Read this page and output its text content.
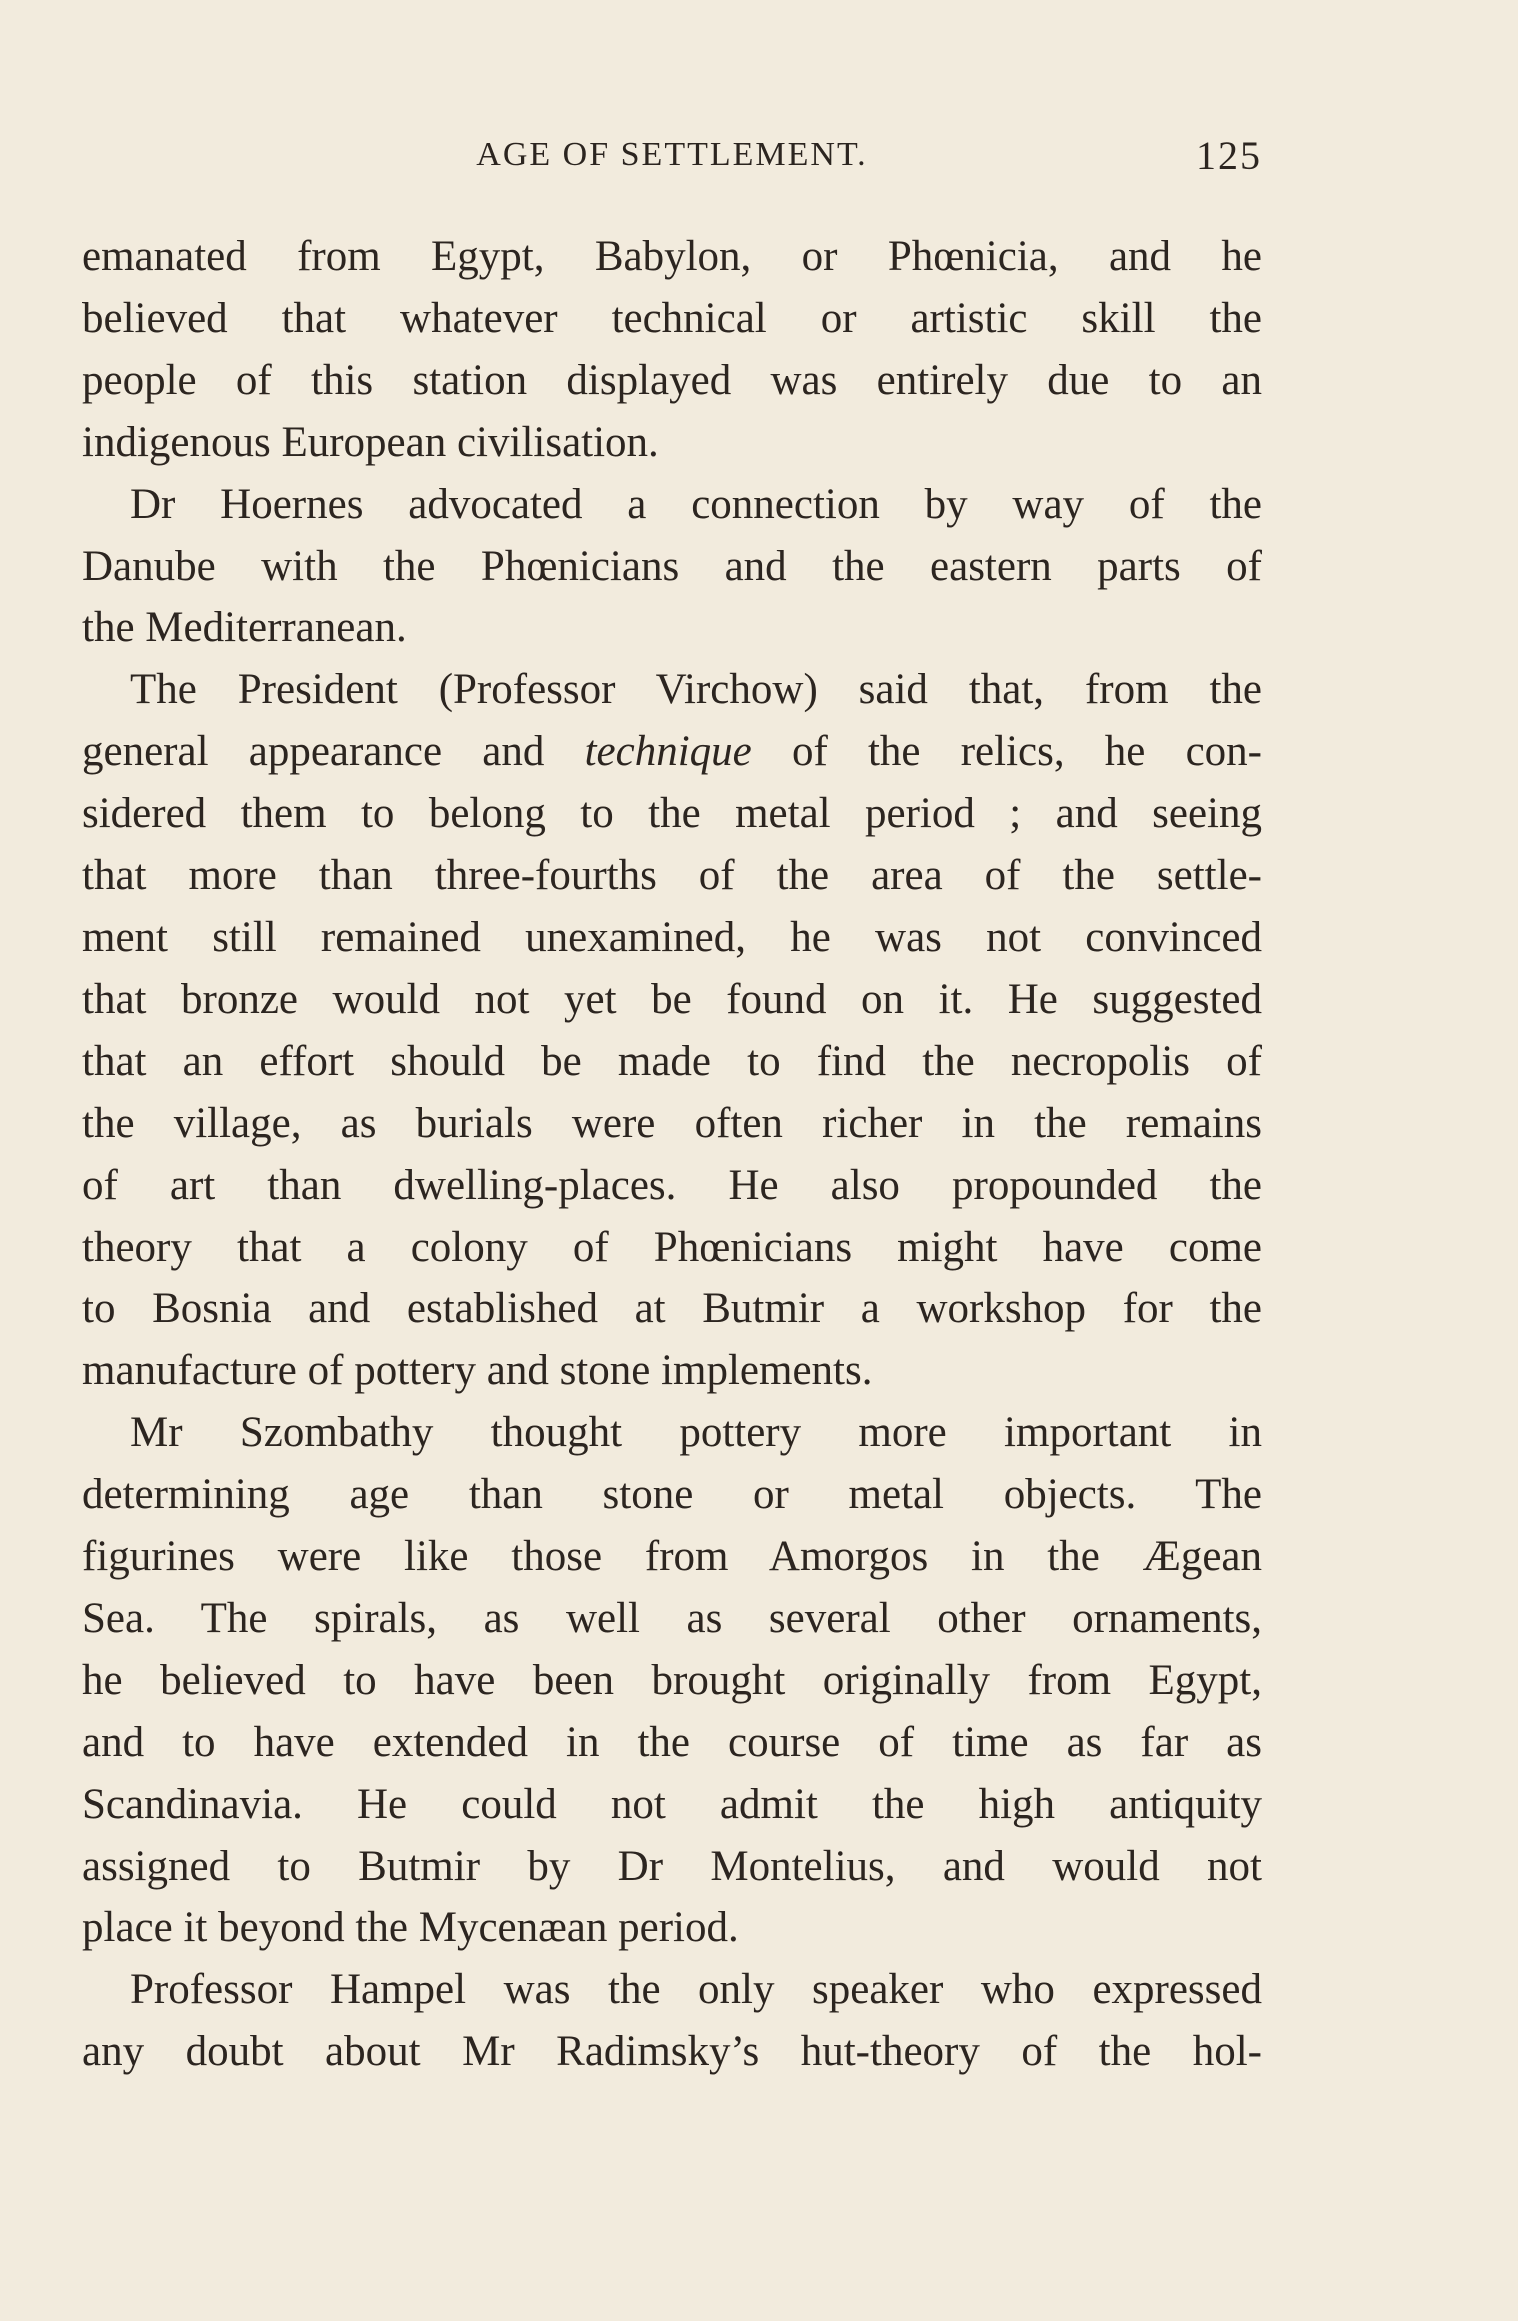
AGE OF SETTLEMENT.	125
emanated from Egypt, Babylon, or Phœnicia, and he
believed that whatever technical or artistic skill the
people of this station displayed was entirely due to an
indigenous European civilisation.
Dr Hoernes advocated a connection by way of the
Danube with the Phœnicians and the eastern parts of
the Mediterranean.
The President (Professor Virchow) said that, from the
general appearance and technique of the relics, he con-
sidered them to belong to the metal period ; and seeing
that more than three-fourths of the area of the settle-
ment still remained unexamined, he was not convinced
that bronze would not yet be found on it. He suggested
that an effort should be made to find the necropolis of
the village, as burials were often richer in the remains
of art than dwelling-places. He also propounded the
theory that a colony of Phœnicians might have come
to Bosnia and established at Butmir a workshop for the
manufacture of pottery and stone implements.
Mr Szombathy thought pottery more important in
determining age than stone or metal objects. The
figurines were like those from Amorgos in the Ægean
Sea. The spirals, as well as several other ornaments,
he believed to have been brought originally from Egypt,
and to have extended in the course of time as far as
Scandinavia. He could not admit the high antiquity
assigned to Butmir by Dr Montelius, and would not
place it beyond the Mycenæan period.
Professor Hampel was the only speaker who expressed
any doubt about Mr Radimsky’s hut-theory of the hol-
